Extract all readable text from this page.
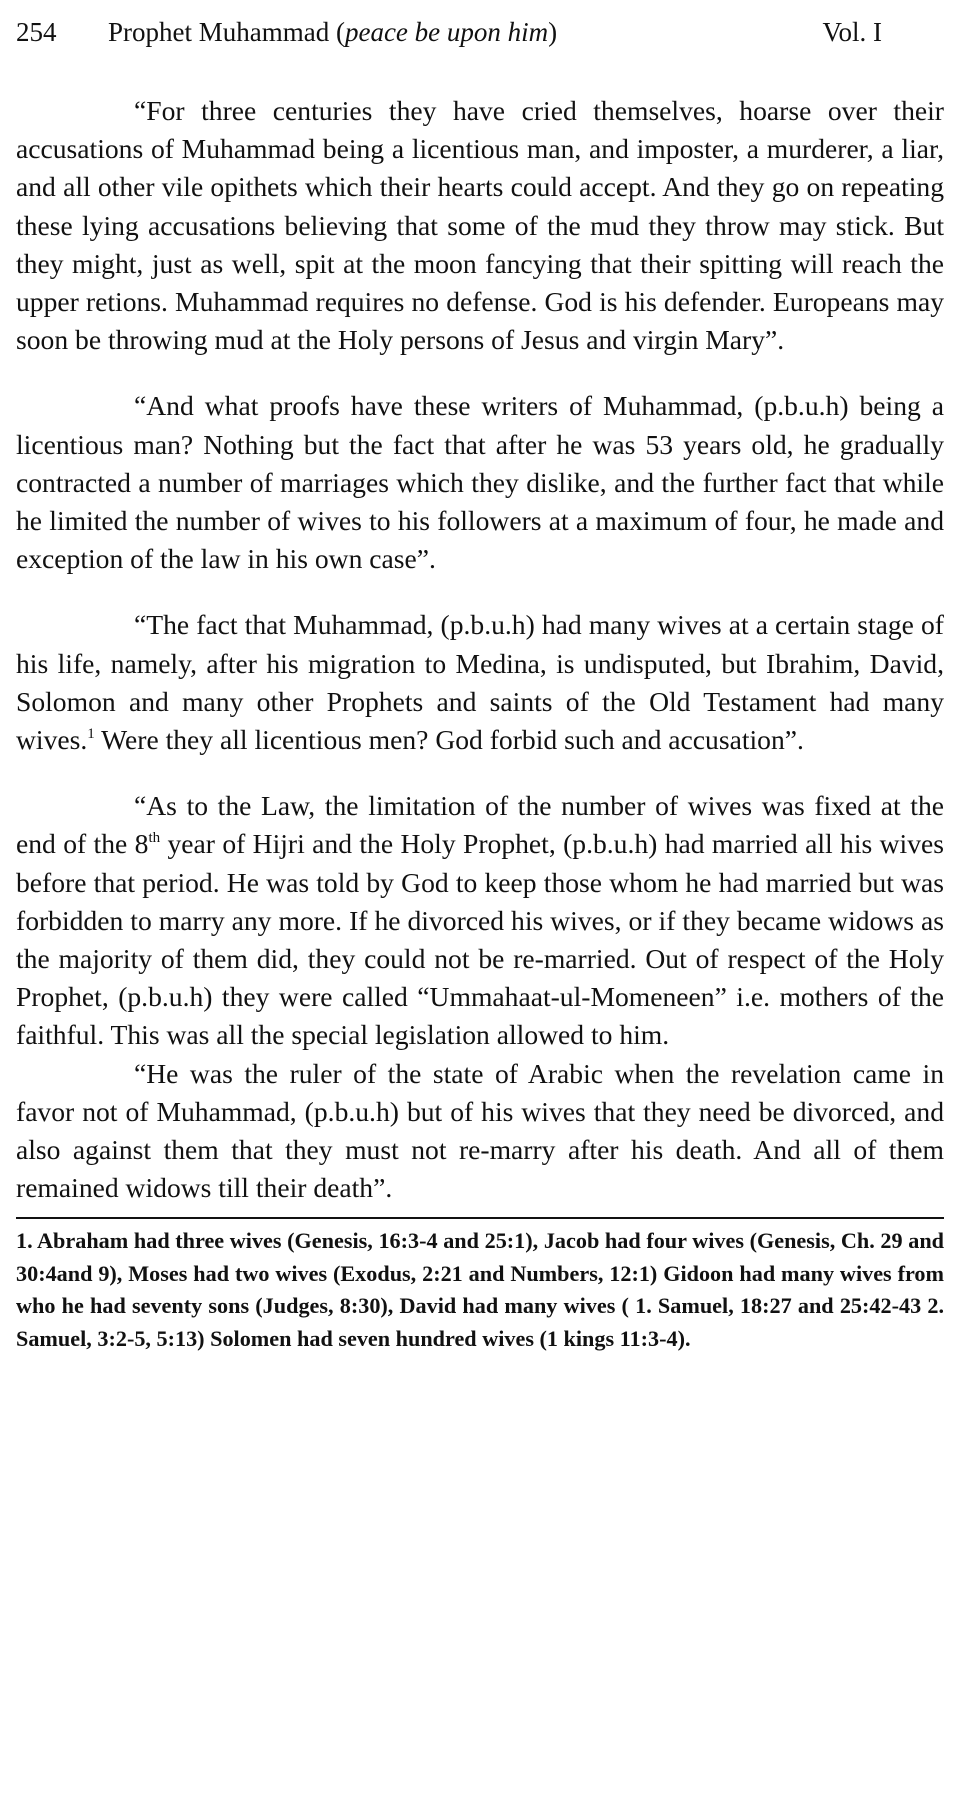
254 Prophet Muhammad (peace be upon him)	Vol. I

“For three centuries they have cried themselves, hoarse over their accusations of Muhammad being a licentious man, and imposter, a murderer, a liar, and all other vile opithets which their hearts could accept. And they go on repeating these lying accusations believing that some of the mud they throw may stick. But they might, just as well, spit at the moon fancying that their spitting will reach the upper retions. Muhammad requires no defense. God is his defender. Europeans may soon be throwing mud at the Holy persons of Jesus and virgin Mary”.

“And what proofs have these writers of Muhammad, (p.b.u.h) being a licentious man? Nothing but the fact that after he was 53 years old, he gradually contracted a number of marriages which they dislike, and the further fact that while he limited the number of wives to his followers at a maximum of four, he made and exception of the law in his own case”.

“The fact that Muhammad, (p.b.u.h) had many wives at a certain stage of his life, namely, after his migration to Medina, is undisputed, but Ibrahim, David, Solomon and many other Prophets and saints of the Old Testament had many wives.$^1$ Were they all licentious men? God forbid such and accusation”.

“As to the Law, the limitation of the number of wives was fixed at the end of the 8th year of Hijri and the Holy Prophet, (p.b.u.h) had married all his wives before that period. He was told by God to keep those whom he had married but was forbidden to marry any more. If he divorced his wives, or if they became widows as the majority of them did, they could not be re-married. Out of respect of the Holy Prophet, (p.b.u.h) they were called “Ummahaat-ul-Momeneen” i.e. mothers of the faithful. This was all the special legislation allowed to him.

“He was the ruler of the state of Arabic when the revelation came in favor not of Muhammad, (p.b.u.h) but of his wives that they need be divorced, and also against them that they must not re-marry after his death. And all of them remained widows till their death”.

1. Abraham had three wives (Genesis, 16:3-4 and 25:1), Jacob had four wives (Genesis, Ch. 29 and 30:4and 9), Moses had two wives (Exodus, 2:21 and Numbers, 12:1) Gidoon had many wives from who he had seventy sons (Judges, 8:30), David had many wives ( 1. Samuel, 18:27 and 25:42-43 2. Samuel, 3:2-5, 5:13) Solomen had seven hundred wives (1 kings 11:3-4).
